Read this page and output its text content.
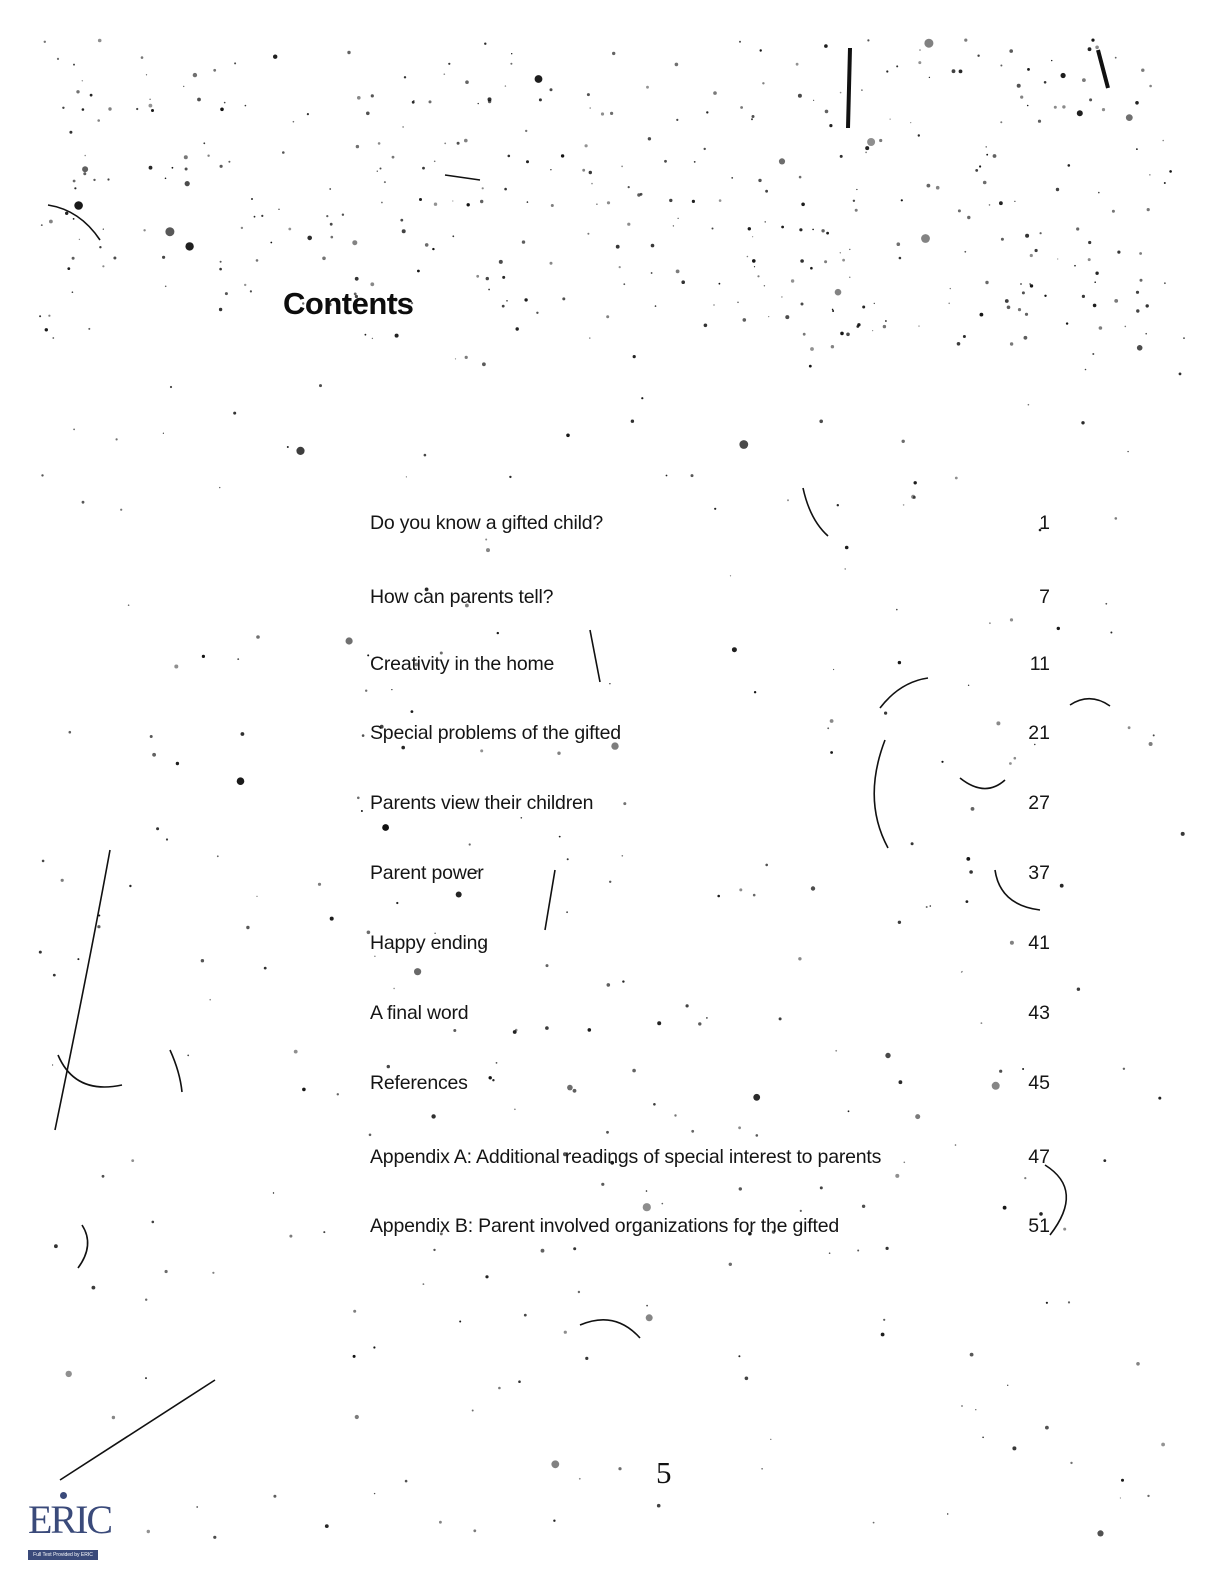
Contents
Do you know a gifted child?	1
How can parents tell?	7
Creativity in the home	11
Special problems of the gifted	21
Parents view their children	27
Parent power	37
Happy ending	41
A final word	43
References	45
Appendix A: Additional readings of special interest to parents	47
Appendix B: Parent involved organizations for the gifted	51
5
ERIC
Full Text Provided by ERIC
